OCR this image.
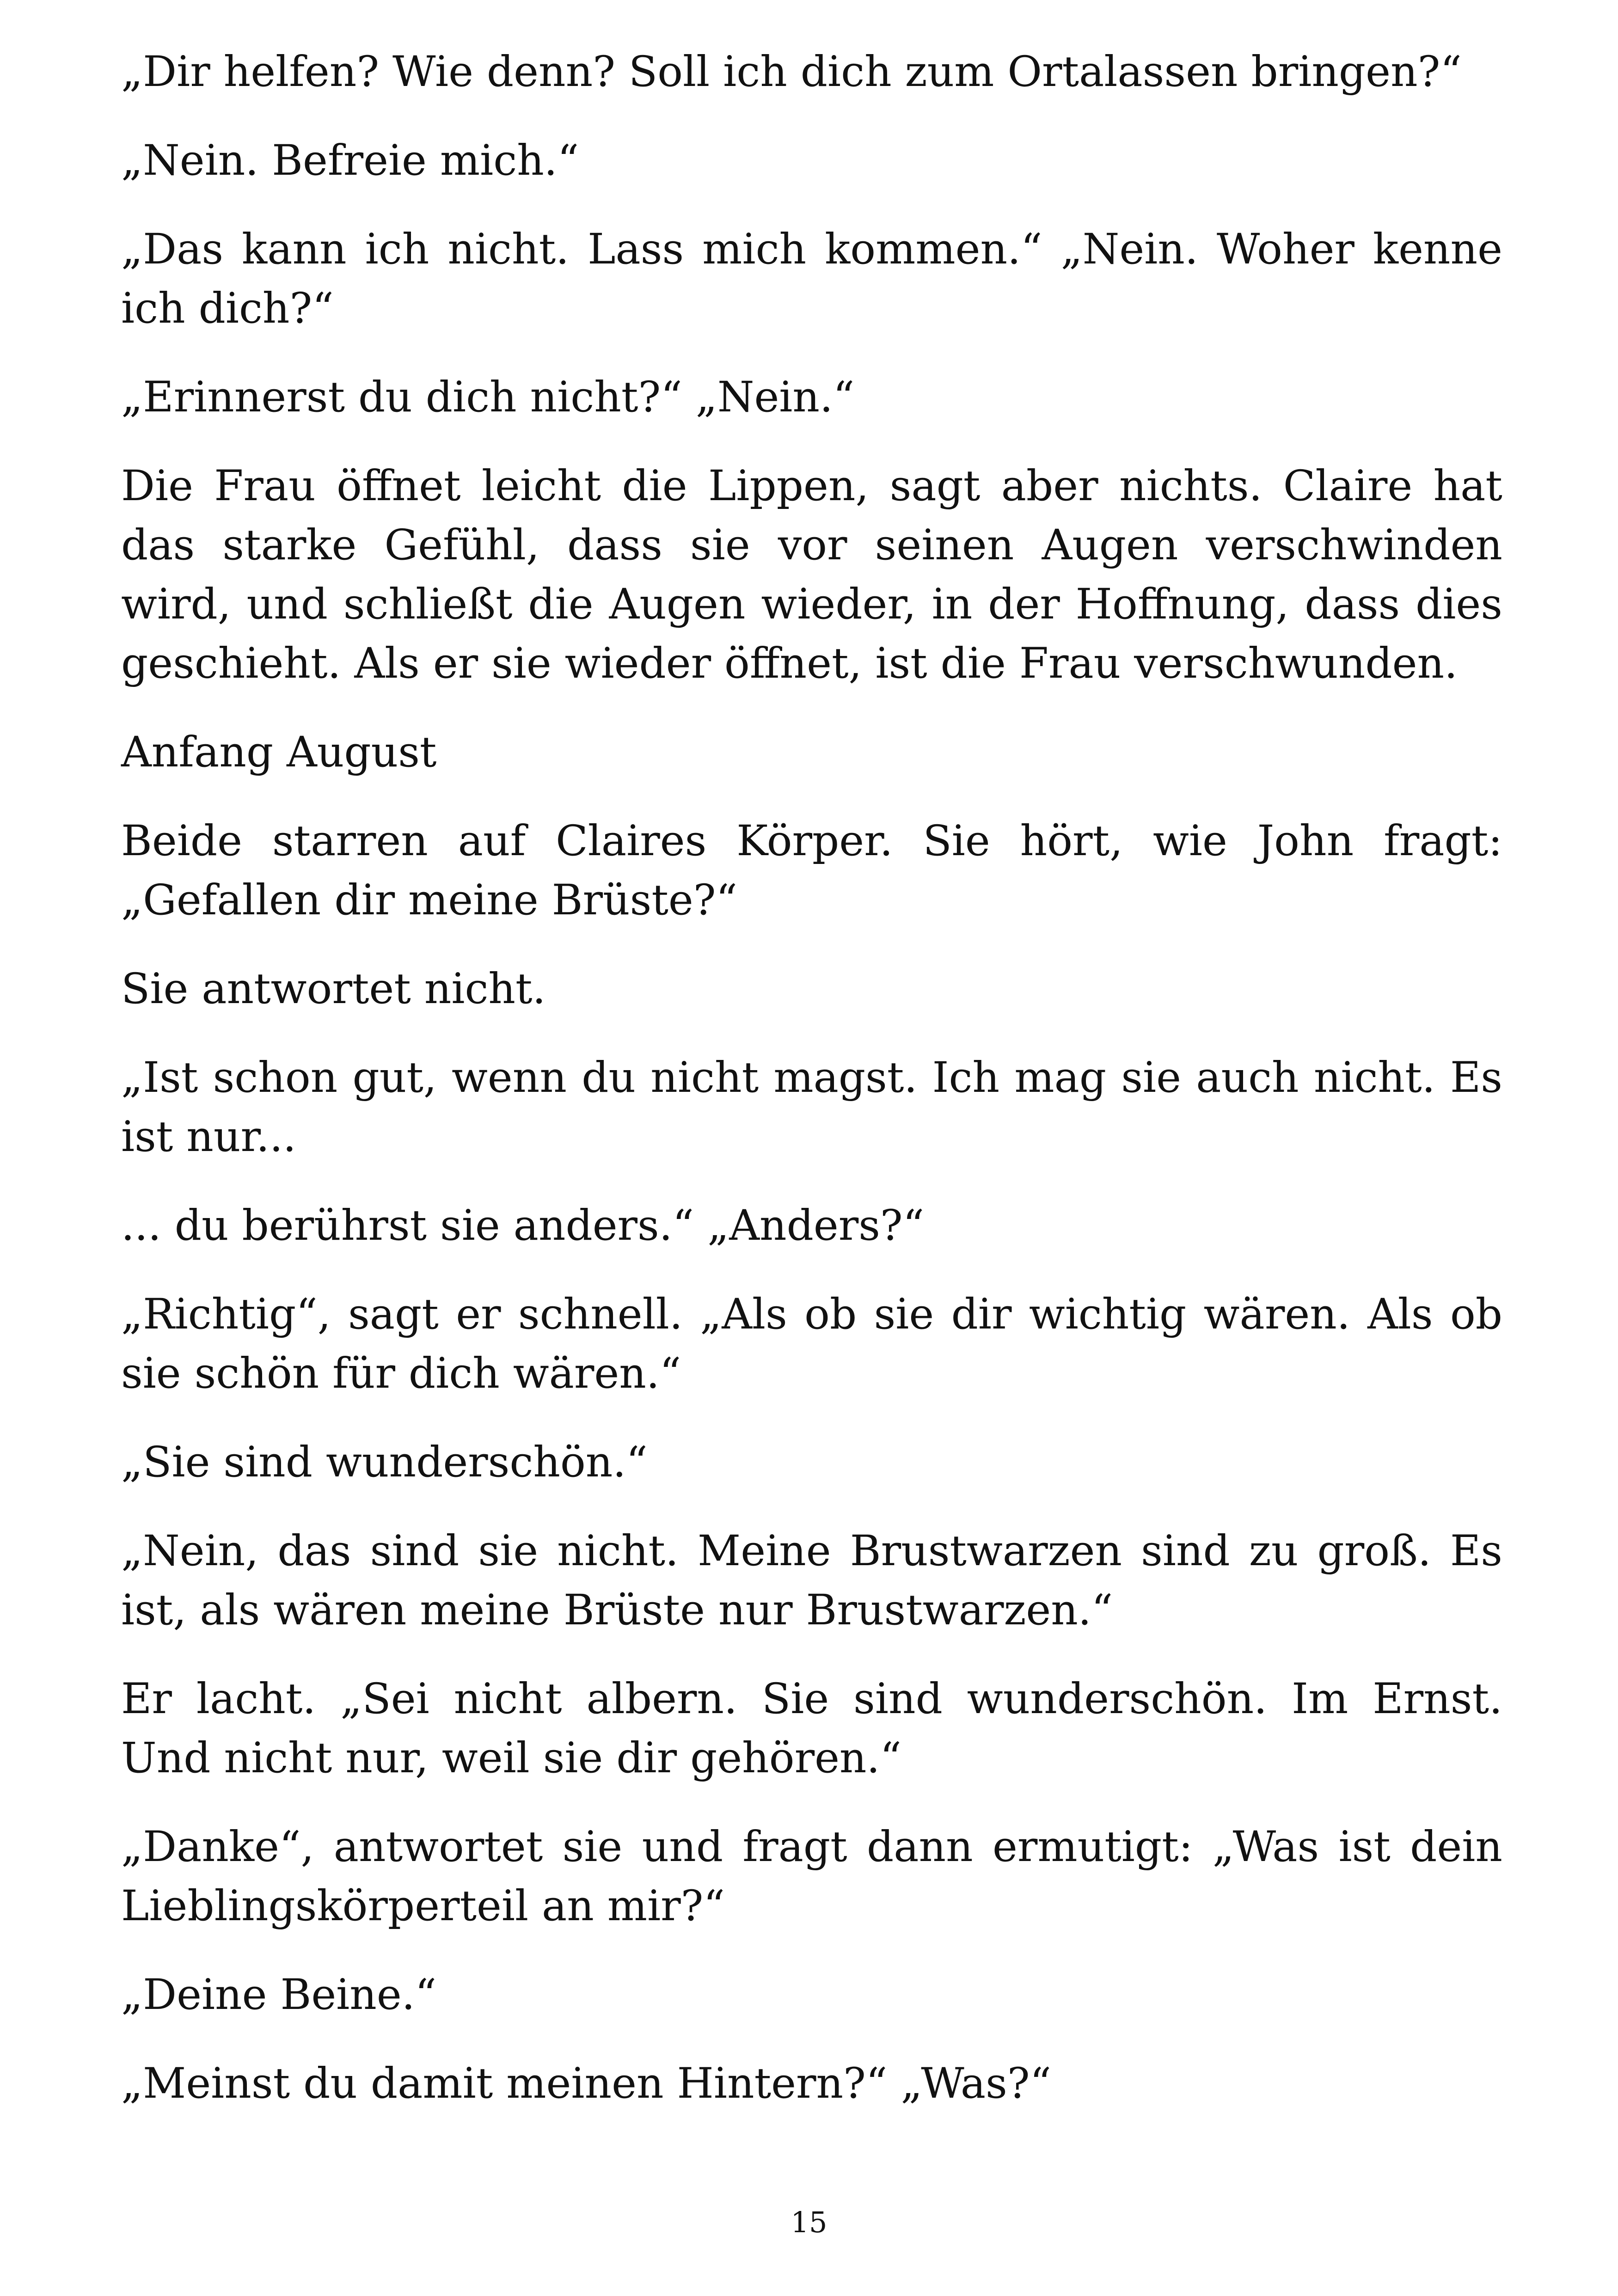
„Dir helfen? Wie denn? Soll ich dich zum Ortalassen bringen?“

„Nein. Befreie mich.“

„Das kann ich nicht. Lass mich kommen.“ „Nein. Woher kenne ich dich?“

„Erinnerst du dich nicht?“ „Nein.“

Die Frau öffnet leicht die Lippen, sagt aber nichts. Claire hat das starke Gefühl, dass sie vor seinen Augen verschwinden wird, und schließt die Augen wieder, in der Hoffnung, dass dies geschieht. Als er sie wieder öffnet, ist die Frau verschwunden.

Anfang August

Beide starren auf Claires Körper. Sie hört, wie John fragt: „Gefallen dir meine Brüste?“

Sie antwortet nicht.

„Ist schon gut, wenn du nicht magst. Ich mag sie auch nicht. Es ist nur...

... du berührst sie anders.“ „Anders?“

„Richtig“, sagt er schnell. „Als ob sie dir wichtig wären. Als ob sie schön für dich wären.“

„Sie sind wunderschön.“

„Nein, das sind sie nicht. Meine Brustwarzen sind zu groß. Es ist, als wären meine Brüste nur Brustwarzen.“

Er lacht. „Sei nicht albern. Sie sind wunderschön. Im Ernst. Und nicht nur, weil sie dir gehören.“

„Danke“, antwortet sie und fragt dann ermutigt: „Was ist dein Lieblingskörperteil an mir?“

„Deine Beine.“

„Meinst du damit meinen Hintern?“ „Was?“

15
